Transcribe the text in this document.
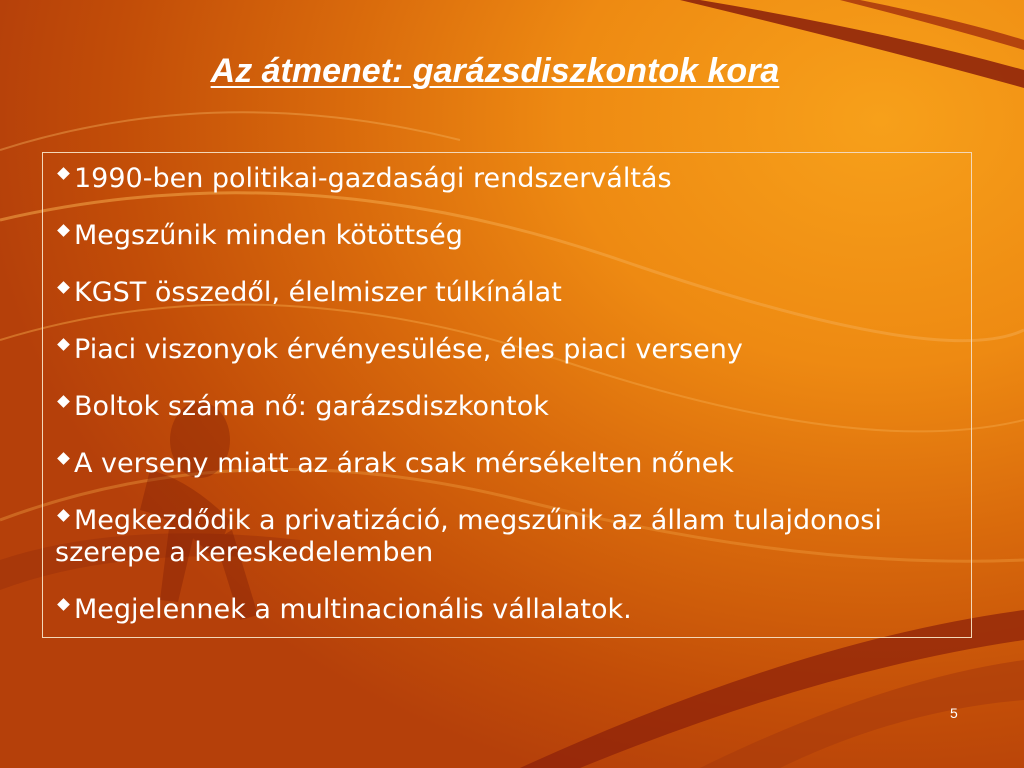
Az átmenet: garázsdiszkontok kora
1990-ben politikai-gazdasági rendszerváltás
Megszűnik minden kötöttség
KGST összedől, élelmiszer túlkínálat
Piaci viszonyok érvényesülése, éles piaci verseny
Boltok száma nő: garázsdiszkontok
A verseny miatt az árak csak mérsékelten nőnek
Megkezdődik a privatizáció, megszűnik az állam tulajdonosi szerepe a kereskedelemben
Megjelennek a multinacionális vállalatok.
5
